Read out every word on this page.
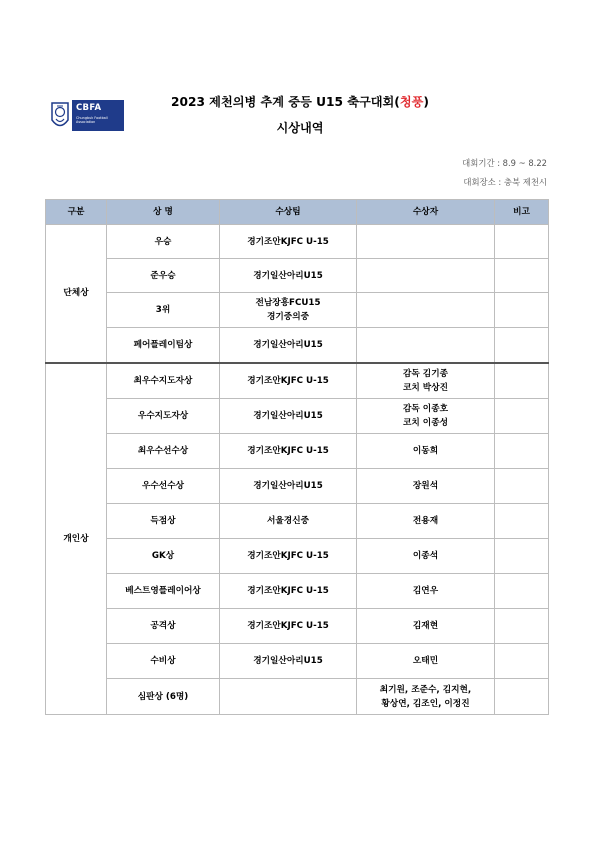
CBFA
Chungbuk Football Association
2023 제천의병 추계 중등 U15 축구대회(청풍)
시상내역
대회기간 : 8.9 ~ 8.22
대회장소 : 충북 제천시
구분	상 명	수상팀	수상자	비고
단체상	우승	경기조안KJFC U-15		
	준우승	경기일산아리U15		
	3위	전남장흥FCU15
경기중의중		

	페어플레이팀상	경기일산아리U15		
개인상	최우수지도자상	경기조안KJFC U-15	감독 김기종
코치 박상진	

	우수지도자상	경기일산아리U15	감독 이종호
코치 이종성	

	최우수선수상	경기조안KJFC U-15	이동희	
	우수선수상	경기일산아리U15	장원석	
	득점상	서울경신중	전용재	
	GK상	경기조안KJFC U-15	이종석	
	베스트영플레이어상	경기조안KJFC U-15	김연우	
	공격상	경기조안KJFC U-15	김재현	
	수비상	경기일산아리U15	오태민	
	심판상 (6명)		최기원, 조준수, 김지현,
황상연, 김조인, 이정진	
